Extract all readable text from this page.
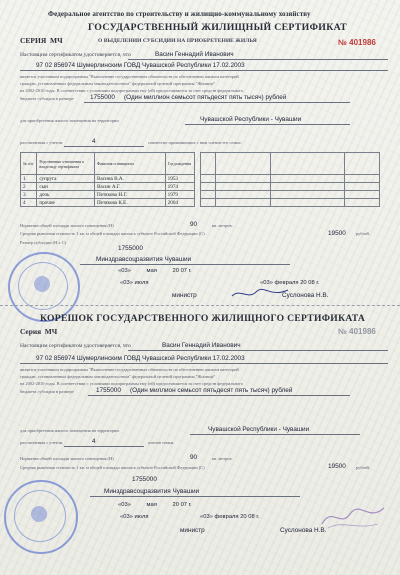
Федеральное агентство по строительству и жилищно-коммунальному хозяйству
ГОСУДАРСТВЕННЫЙ ЖИЛИЩНЫЙ СЕРТИФИКАТ
СЕРИЯ МЧ	О ВЫДЕЛЕНИИ СУБСИДИИ НА ПРИОБРЕТЕНИЕ ЖИЛЬЯ	№ 401986
Настоящим сертификатом удостоверяется, что	Васин Геннадий Иванович
97 02 856974 Шумерлинским ГОВД Чувашской Республики 17.02.2003
является участником подпрограммы "Выполнение государственных обязательств по обеспечению жильем категорий
граждан, установленных федеральным законодательством" федеральной целевой программы "Жилище"
на 2002-2010 годы. В соответствии с условиями подпрограммы ему (ей) предоставляется за счет средств федерального
бюджета субсидия в размере	1755000 (Один миллион семьсот пятьдесят пять тысяч) рублей
для приобретения жилого помещения на территории	Чувашской Республики - Чувашии
рассчитанная с учетом	4	совместно проживающих с ним членов его семьи:
№ п/п	Родственные отношения к владельцу сертификата	Фамилия и инициалы	Год рождения
1	супруга	Васина В.А.	1953
2	сын	Васин А.Г.	1974
3	дочь	Петякова Н.Г.	1979
4	прочие	Петякова К.Е.	2004

Норматив общей площади жилого помещения (Н)	90	кв. метров.
Средняя рыночная стоимость 1 кв. м общей площади жилья в субъекте Российской Федерации (С)	19500 рублей.
Размер субсидии (Н х С)
1755000
Минздравсоцразвития Чувашии
«03» мая 20 07 г.
«03» июля	«03» февраля 20 08 г.
министр	Суслонова Н.В.
КОРЕШОК ГОСУДАРСТВЕННОГО ЖИЛИЩНОГО СЕРТИФИКАТА
Серия МЧ	№ 401986
Настоящим сертификатом удостоверяется, что	Васин Геннадий Иванович
97 02 856974 Шумерлинским ГОВД Чувашской Республики 17.02.2003
является участником подпрограммы "Выполнение государственных обязательств по обеспечению жильем категорий
граждан, установленных федеральным законодательством" федеральной целевой программы "Жилище"
на 2002-2010 годы. В соответствии с условиями подпрограммы ему (ей) предоставляется за счет средств федерального
бюджета субсидия в размере	1755000 (Один миллион семьсот пятьдесят пять тысяч) рублей
для приобретения жилого помещения на территории	Чувашской Республики - Чувашии
рассчитанная с учетом	4	членов семьи.
Норматив общей площади жилого помещения (Н)	90	кв. метров.
Средняя рыночная стоимость 1 кв. м общей площади жилья в субъекте Российской Федерации (С)	19500 рублей.
1755000
Минздравсоцразвития Чувашии
«03» мая 20 07 г.
«03» июля	«03» февраля 20 08 г.
министр	Суслонова Н.В.
